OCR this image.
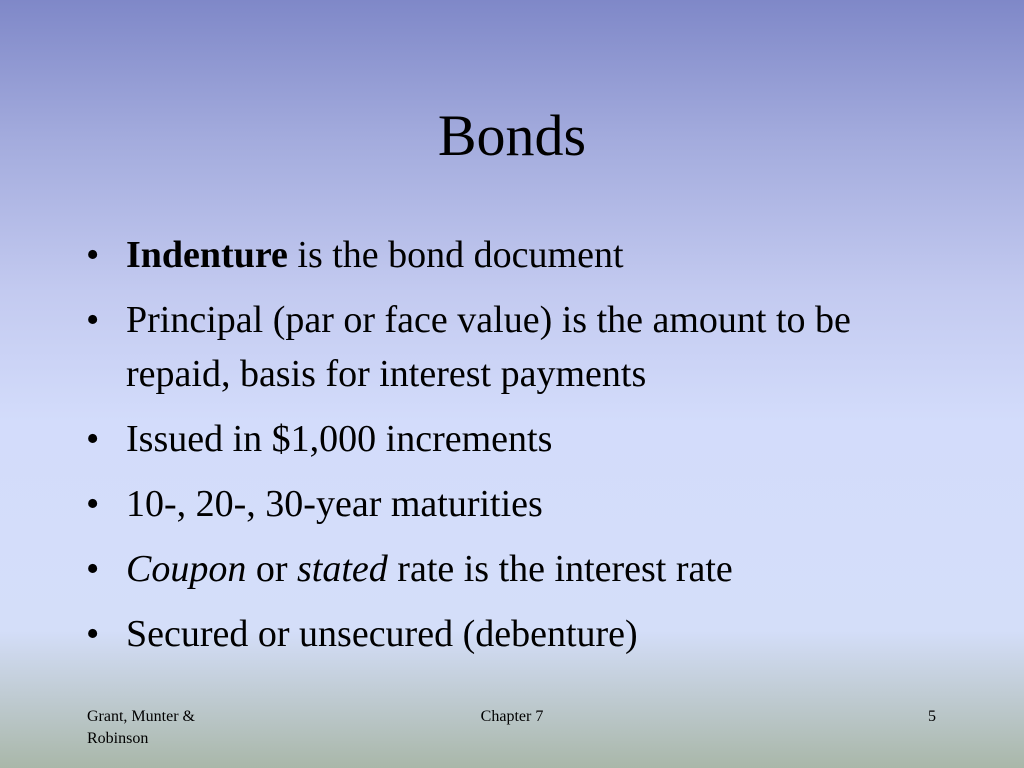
Bonds
• Indenture is the bond document
• Principal (par or face value) is the amount to be repaid, basis for interest payments
• Issued in $1,000 increments
• 10-, 20-, 30-year maturities
• Coupon or stated rate is the interest rate
• Secured or unsecured (debenture)
Grant, Munter & Robinson
Chapter 7	5
